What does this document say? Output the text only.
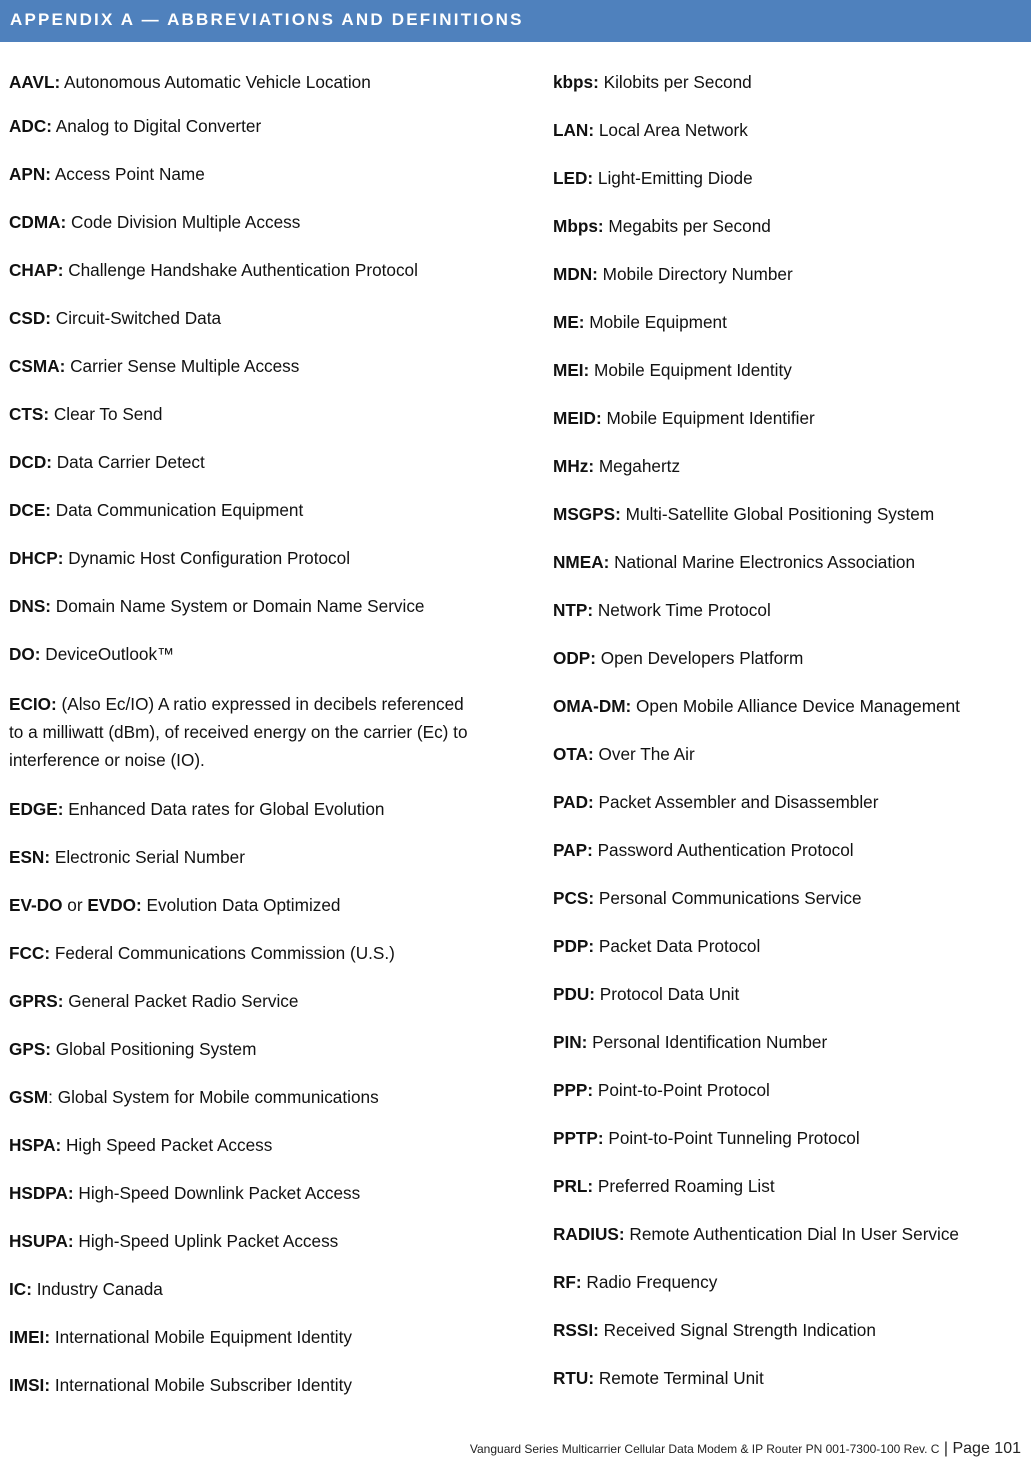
APPENDIX A — ABBREVIATIONS AND DEFINITIONS
AAVL: Autonomous Automatic Vehicle Location
ADC: Analog to Digital Converter
APN: Access Point Name
CDMA: Code Division Multiple Access
CHAP: Challenge Handshake Authentication Protocol
CSD: Circuit-Switched Data
CSMA: Carrier Sense Multiple Access
CTS: Clear To Send
DCD: Data Carrier Detect
DCE: Data Communication Equipment
DHCP: Dynamic Host Configuration Protocol
DNS: Domain Name System or Domain Name Service
DO: DeviceOutlook™
ECIO: (Also Ec/IO) A ratio expressed in decibels referenced to a milliwatt (dBm), of received energy on the carrier (Ec) to interference or noise (IO).
EDGE: Enhanced Data rates for Global Evolution
ESN: Electronic Serial Number
EV-DO or EVDO: Evolution Data Optimized
FCC: Federal Communications Commission (U.S.)
GPRS: General Packet Radio Service
GPS: Global Positioning System
GSM: Global System for Mobile communications
HSPA: High Speed Packet Access
HSDPA: High-Speed Downlink Packet Access
HSUPA: High-Speed Uplink Packet Access
IC: Industry Canada
IMEI: International Mobile Equipment Identity
IMSI: International Mobile Subscriber Identity
kbps: Kilobits per Second
LAN: Local Area Network
LED: Light-Emitting Diode
Mbps: Megabits per Second
MDN: Mobile Directory Number
ME: Mobile Equipment
MEI: Mobile Equipment Identity
MEID: Mobile Equipment Identifier
MHz: Megahertz
MSGPS: Multi-Satellite Global Positioning System
NMEA: National Marine Electronics Association
NTP: Network Time Protocol
ODP: Open Developers Platform
OMA-DM: Open Mobile Alliance Device Management
OTA: Over The Air
PAD: Packet Assembler and Disassembler
PAP: Password Authentication Protocol
PCS: Personal Communications Service
PDP: Packet Data Protocol
PDU: Protocol Data Unit
PIN: Personal Identification Number
PPP: Point-to-Point Protocol
PPTP: Point-to-Point Tunneling Protocol
PRL: Preferred Roaming List
RADIUS: Remote Authentication Dial In User Service
RF: Radio Frequency
RSSI: Received Signal Strength Indication
RTU: Remote Terminal Unit
Vanguard Series Multicarrier Cellular Data Modem & IP Router PN 001-7300-100 Rev. C | Page 101
